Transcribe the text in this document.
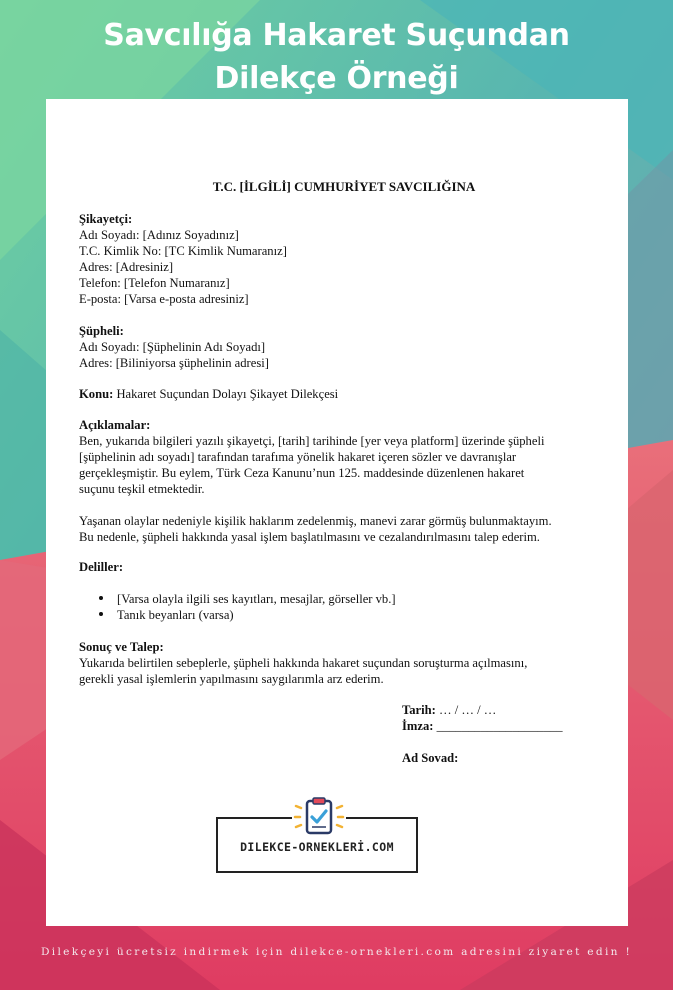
Savcılığa Hakaret Suçundan
Dilekçe Örneği
T.C. [İLGİLİ] CUMHURİYET SAVCILIĞINA
Şikayetçi:
Adı Soyadı: [Adınız Soyadınız]
T.C. Kimlik No: [TC Kimlik Numaranız]
Adres: [Adresiniz]
Telefon: [Telefon Numaranız]
E-posta: [Varsa e-posta adresiniz]
Şüpheli:
Adı Soyadı: [Şüphelinin Adı Soyadı]
Adres: [Biliniyorsa şüphelinin adresi]
Konu: Hakaret Suçundan Dolayı Şikayet Dilekçesi
Açıklamalar:
Ben, yukarıda bilgileri yazılı şikayetçi, [tarih] tarihinde [yer veya platform] üzerinde şüpheli
[şüphelinin adı soyadı] tarafından tarafıma yönelik hakaret içeren sözler ve davranışlar
gerçekleşmiştir. Bu eylem, Türk Ceza Kanunu’nun 125. maddesinde düzenlenen hakaret
suçunu teşkil etmektedir.
Yaşanan olaylar nedeniyle kişilik haklarım zedelenmiş, manevi zarar görmüş bulunmaktayım.
Bu nedenle, şüpheli hakkında yasal işlem başlatılmasını ve cezalandırılmasını talep ederim.
Deliller:
[Varsa olayla ilgili ses kayıtları, mesajlar, görseller vb.]
Tanık beyanları (varsa)
Sonuç ve Talep:
Yukarıda belirtilen sebeplerle, şüpheli hakkında hakaret suçundan soruşturma açılmasını,
gerekli yasal işlemlerin yapılmasını saygılarımla arz ederim.
Tarih: … / … / …
İmza: ____________________
Ad Sovad:
DILEKCE-ORNEKLERİ.COM
Dilekçeyi ücretsiz indirmek için dilekce-ornekleri.com adresini ziyaret edin !
